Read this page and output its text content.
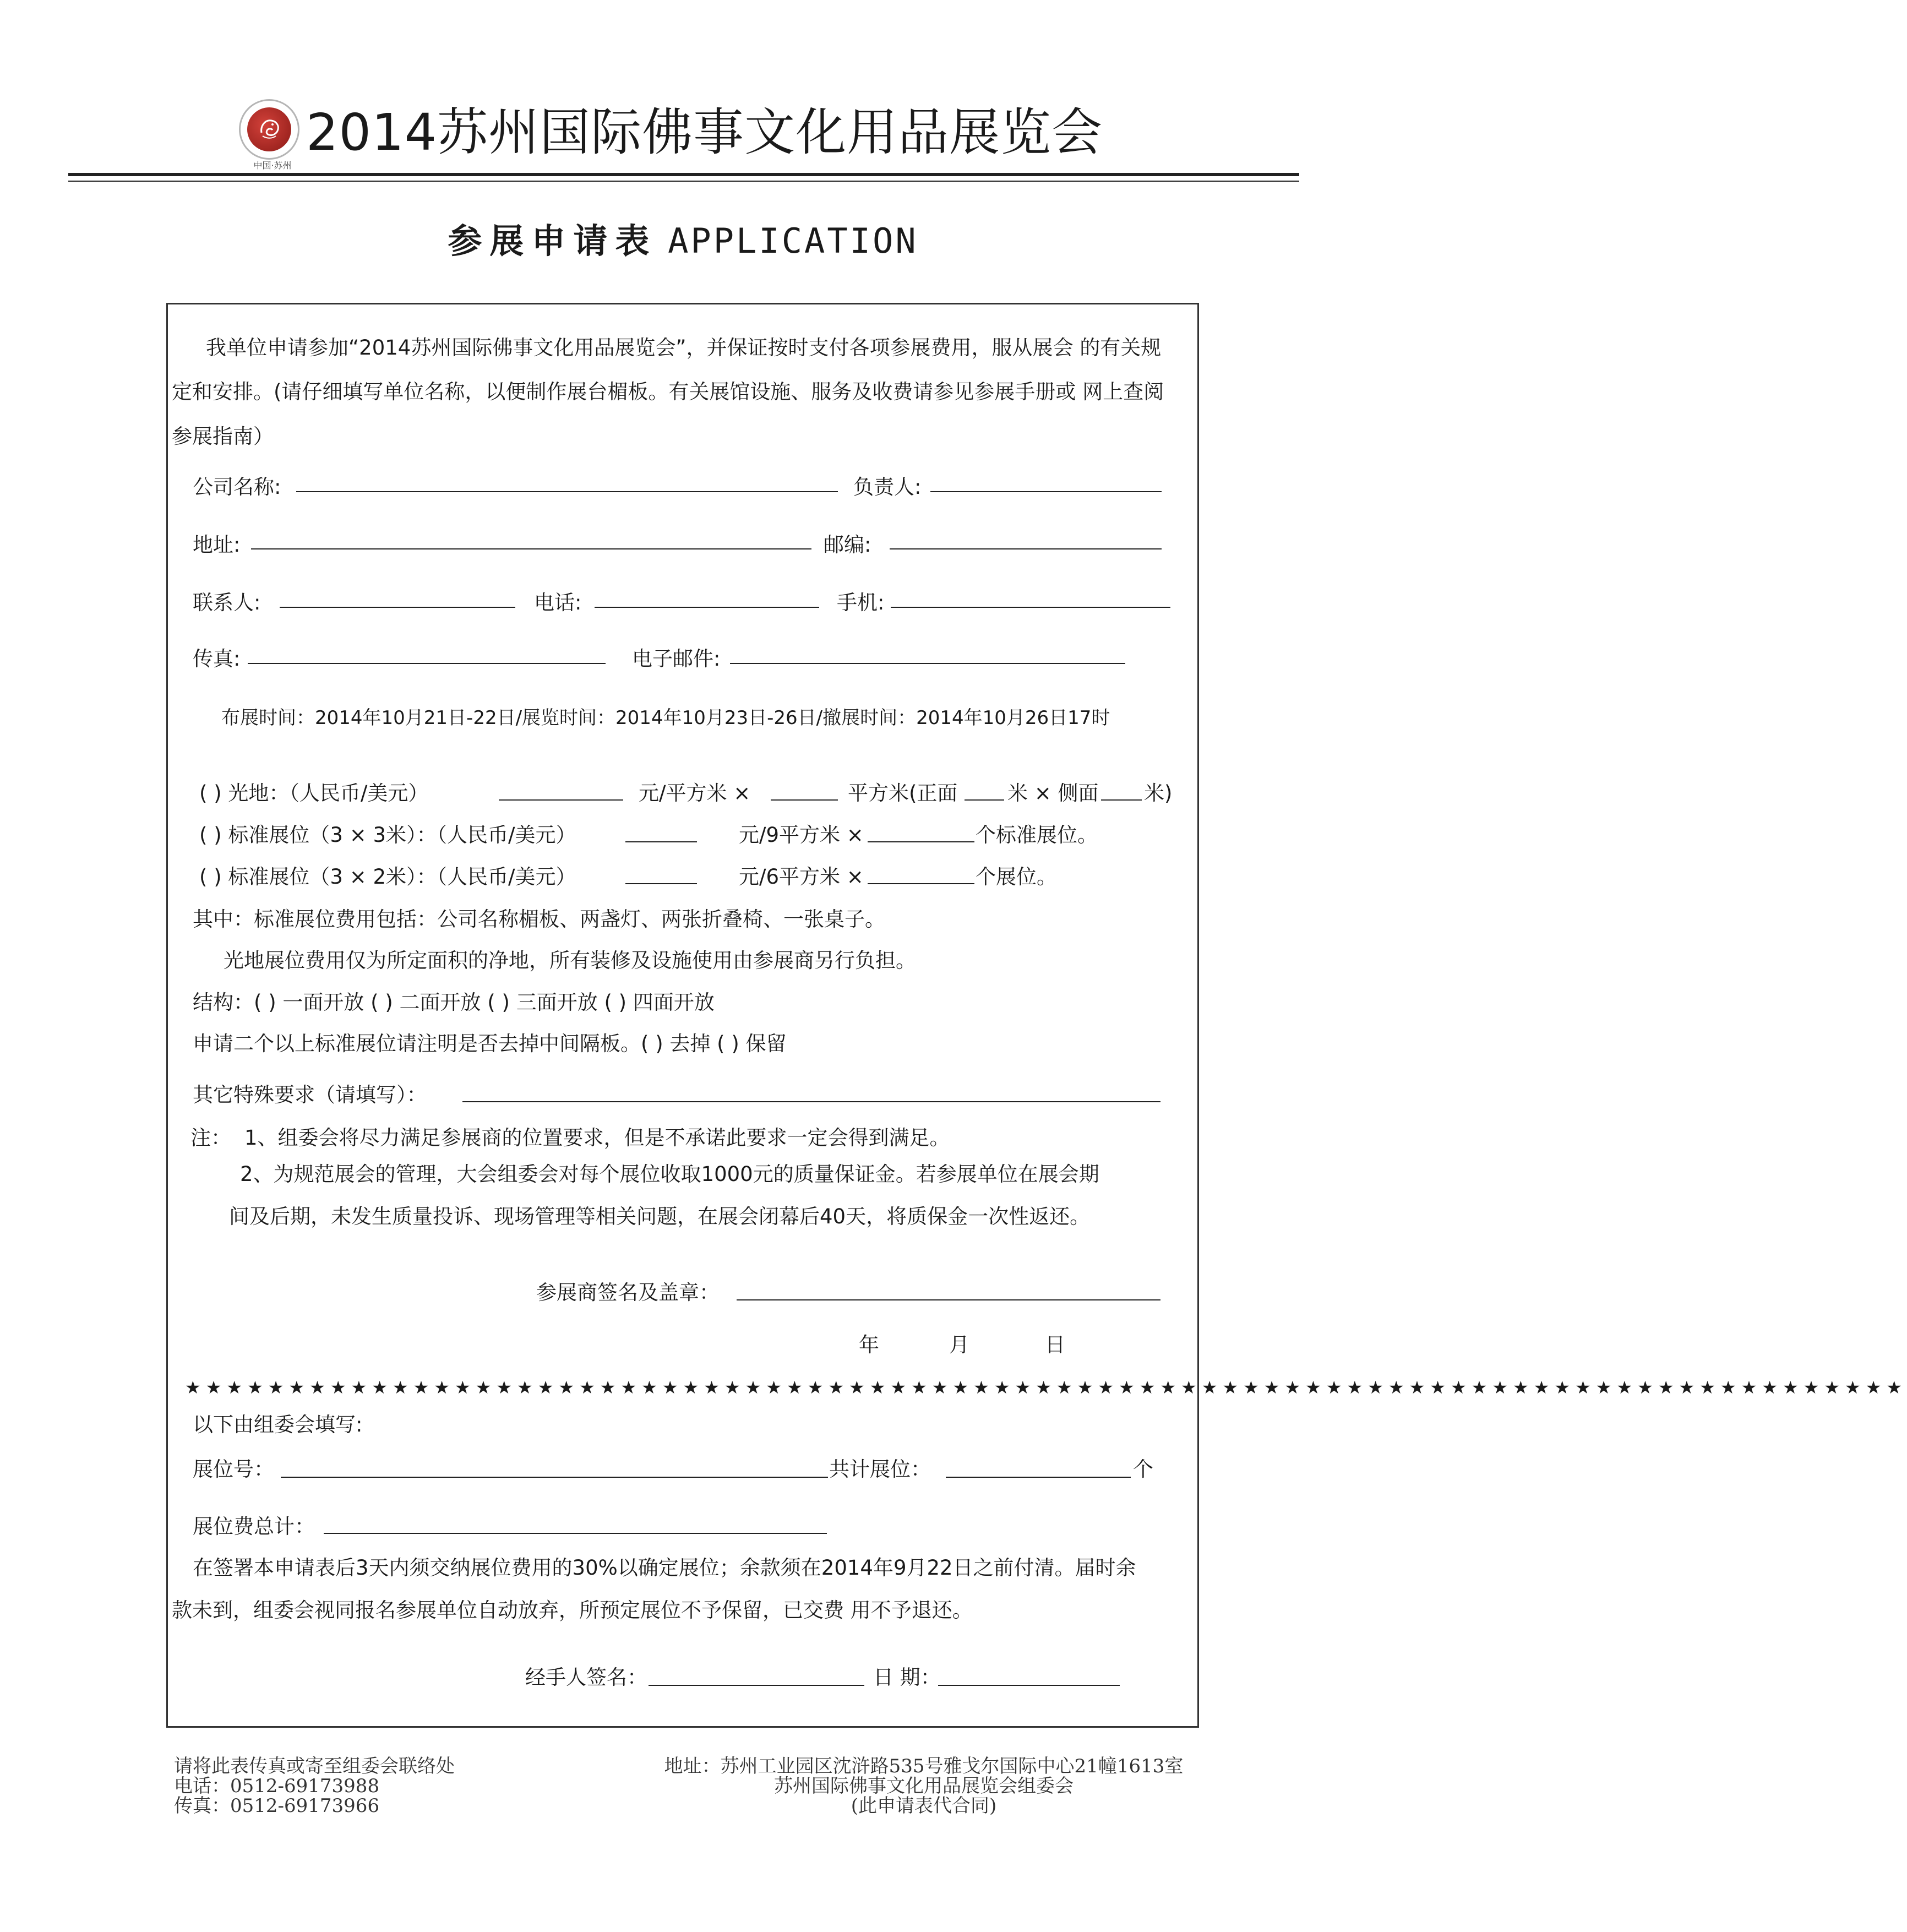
中国·苏州
2014苏州国际佛事文化用品展览会
参展申请表 APPLICATION
我单位申请参加“2014苏州国际佛事文化用品展览会”，并保证按时支付各项参展费用，服从展会 的有关规
定和安排。(请仔细填写单位名称，以便制作展台楣板。有关展馆设施、服务及收费请参见参展手册或 网上查阅
参展指南）
公司名称:	负责人:
地址:	邮编:
联系人:	电话:	手机:
传真:	电子邮件:
布展时间：2014年10月21日-22日/展览时间：2014年10月23日-26日/撤展时间：2014年10月26日17时
( ) 光地：（人民币/美元）	元/平方米 ×	平方米(正面 米 × 侧面 米)
( ) 标准展位（3 × 3米）：（人民币/美元）	元/9平方米 ×	个标准展位。
( ) 标准展位（3 × 2米）：（人民币/美元）	元/6平方米 ×	个展位。
其中：标准展位费用包括：公司名称楣板、两盏灯、两张折叠椅、一张桌子。
光地展位费用仅为所定面积的净地，所有装修及设施使用由参展商另行负担。
结构：( ) 一面开放 ( ) 二面开放 ( ) 三面开放 ( ) 四面开放
申请二个以上标准展位请注明是否去掉中间隔板。( ) 去掉 ( ) 保留
其它特殊要求（请填写）：
注： 1、组委会将尽力满足参展商的位置要求，但是不承诺此要求一定会得到满足。
2、为规范展会的管理，大会组委会对每个展位收取1000元的质量保证金。若参展单位在展会期
间及后期，未发生质量投诉、现场管理等相关问题，在展会闭幕后40天，将质保金一次性返还。
参展商签名及盖章：
年	月	日
★★★★★★★★★★★★★★★★★★★★★★★★★★★★★★★★★★★★★★★★★★★★★★★★★★★★★★★★★★★★★★★★★★★★★★★★★★★★★★★★★★★
以下由组委会填写:
展位号：	共计展位：	个
展位费总计：
在签署本申请表后3天内须交纳展位费用的30%以确定展位；余款须在2014年9月22日之前付清。届时余
款未到，组委会视同报名参展单位自动放弃，所预定展位不予保留，已交费 用不予退还。
经手人签名：	日 期：
请将此表传真或寄至组委会联络处
电话：0512-69173988
传真：0512-69173966
地址：苏州工业园区沈浒路535号雅戈尔国际中心21幢1613室
苏州国际佛事文化用品展览会组委会
(此申请表代合同)
